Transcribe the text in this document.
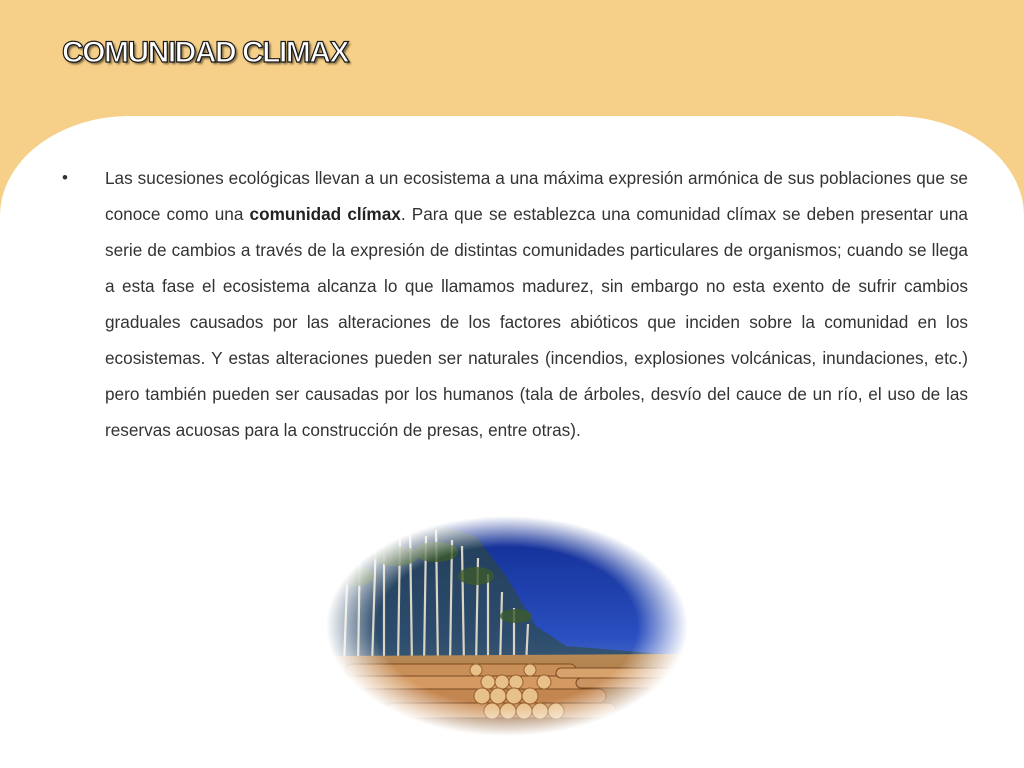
COMUNIDAD CLIMAX
•	Las sucesiones ecológicas llevan a un ecosistema a una máxima expresión armónica de sus poblaciones que se conoce como una comunidad clímax. Para que se establezca una comunidad clímax se deben presentar una serie de cambios a través de la expresión de distintas comunidades particulares de organismos; cuando se llega a esta fase el ecosistema alcanza lo que llamamos madurez, sin embargo no esta exento de sufrir cambios graduales causados por las alteraciones de los factores abióticos que inciden sobre la comunidad en los ecosistemas. Y estas alteraciones pueden ser naturales (incendios, explosiones volcánicas, inundaciones, etc.) pero también pueden ser causadas por los humanos (tala de árboles, desvío del cauce de un río, el uso de las reservas acuosas para la construcción de presas, entre otras).
